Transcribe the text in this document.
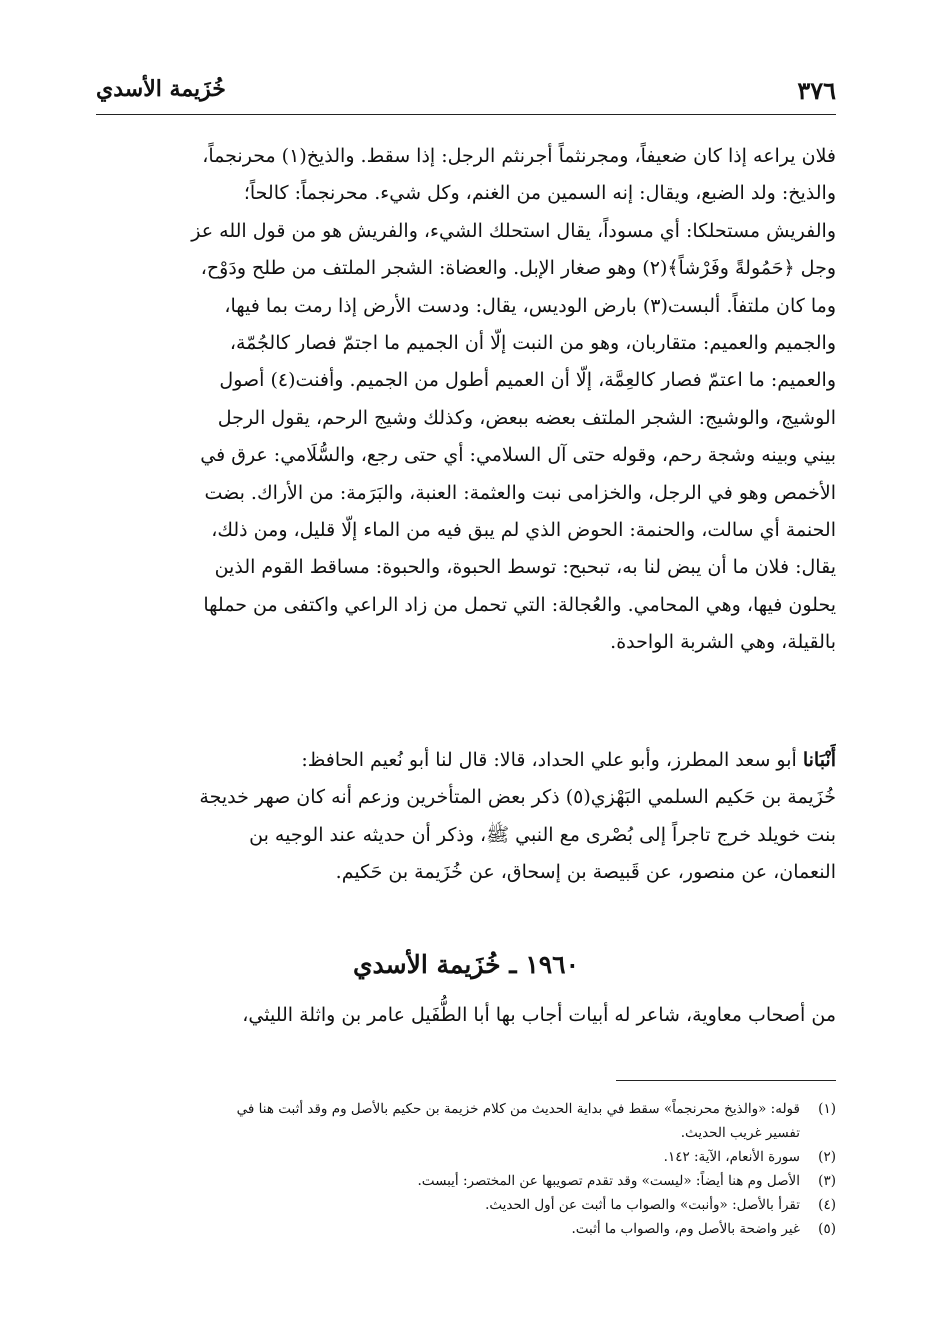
٣٧٦
خُزَيمة الأسدي
فلان يراعه إذا كان ضعيفاً، ومجرنثماً أجرنثم الرجل: إذا سقط. والذيخ(١) محرنجماً،
والذيخ: ولد الضبع، ويقال: إنه السمين من الغنم، وكل شيء. محرنجماً: كالحاً؛
والفريش مستحلكا: أي مسوداً، يقال استحلك الشيء، والفريش هو من قول الله عز
وجل ﴿حَمُولةً وفَرْشاً﴾(٢) وهو صغار الإبل. والعضاة: الشجر الملتف من طلح ودَوْح،
وما كان ملتفاً. ألبست(٣) بارض الوديس، يقال: ودست الأرض إذا رمت بما فيها،
والجميم والعميم: متقاربان، وهو من النبت إلّا أن الجميم ما اجتمّ فصار كالجُمّة،
والعميم: ما اعتمّ فصار كالعِمَّة، إلّا أن العميم أطول من الجميم. وأفنت(٤) أصول
الوشيج، والوشيج: الشجر الملتف بعضه ببعض، وكذلك وشيج الرحم، يقول الرجل
بيني وبينه وشجة رحم، وقوله حتى آل السلامي: أي حتى رجع، والسُّلَامي: عرق في
الأخمص وهو في الرجل، والخزامى نبت والعثمة: العنبة، والبَرَمة: من الأراك. بضت
الحنمة أي سالت، والحنمة: الحوض الذي لم يبق فيه من الماء إلّا قليل، ومن ذلك،
يقال: فلان ما أن يبض لنا به، تبحبح: توسط الحبوة، والحبوة: مساقط القوم الذين
يحلون فيها، وهي المحامي. والعُجالة: التي تحمل من زاد الراعي واكتفى من حملها
بالقيلة، وهي الشربة الواحدة.
أَنْبَانا أبو سعد المطرز، وأبو علي الحداد، قالا: قال لنا أبو نُعيم الحافظ:
خُزَيمة بن حَكيم السلمي البَهْزي(٥) ذكر بعض المتأخرين وزعم أنه كان صهر خديجة
بنت خويلد خرج تاجراً إلى بُصْرى مع النبي ﷺ، وذكر أن حديثه عند الوجيه بن
النعمان، عن منصور، عن قَبيصة بن إسحاق، عن خُزَيمة بن حَكيم.
١٩٦٠ ـ خُزَيمة الأسدي
من أصحاب معاوية، شاعر له أبيات أجاب بها أبا الطُّفَيل عامر بن واثلة الليثي،
(١)
قوله: «والذيخ محرنجماً» سقط في بداية الحديث من كلام خزيمة بن حكيم بالأصل وم وقد أثبت هنا في
تفسير غريب الحديث.
(٢)
سورة الأنعام، الآية: ١٤٢.
(٣)
الأصل وم هنا أيضاً: «ليست» وقد تقدم تصويبها عن المختصر: أيبست.
(٤)
تقرأ بالأصل: «وأنبت» والصواب ما أثبت عن أول الحديث.
(٥)
غير واضحة بالأصل وم، والصواب ما أثبت.
